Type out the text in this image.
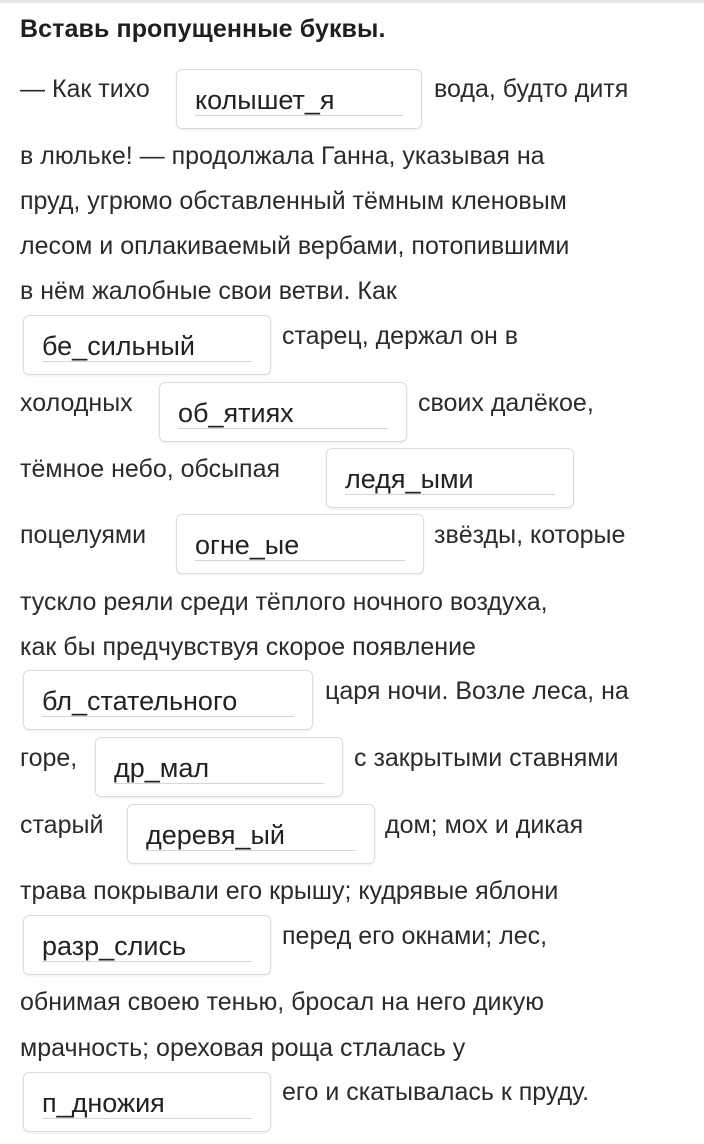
Вставь пропущенные буквы.
— Как тихо
колышет_я	вода, будто дитя
в люльке! — продолжала Ганна, указывая на
пруд, угрюмо обставленный тёмным кленовым
лесом и оплакиваемый вербами, потопившими
в нём жалобные свои ветви. Как
бе_сильный
старец, держал он в
холодных
об_ятиях	своих далёкое,
тёмное небо, обсыпая
ледя_ыми
поцелуями
огне_ые	звёзды, которые
тускло реяли среди тёплого ночного воздуха,
как бы предчувствуя скорое появление
бл_стательного
царя ночи. Возле леса, на
горе,
др_мал	с закрытыми ставнями
старый
деревя_ый	дом; мох и дикая
трава покрывали его крышу; кудрявые яблони
разр_слись
перед его окнами; лес,
обнимая своею тенью, бросал на него дикую
мрачность; ореховая роща стлалась у
п_дножия
его и скатывалась к пруду.
